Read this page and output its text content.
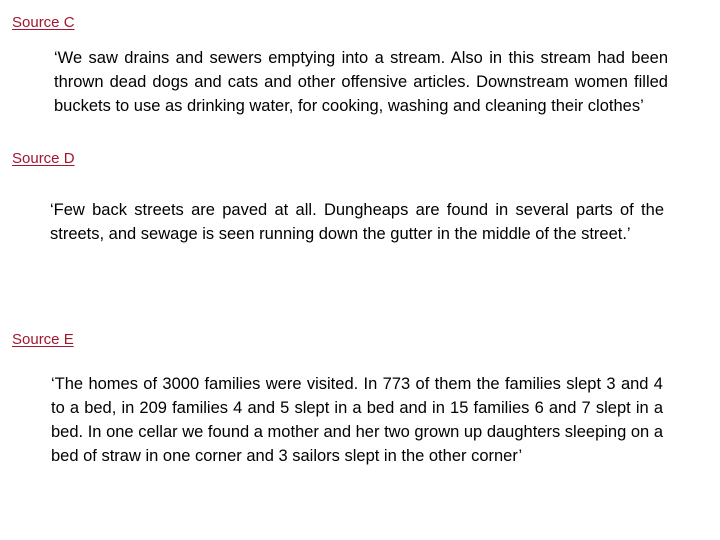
Source C

‘We saw drains and sewers emptying into a stream. Also in this stream had been thrown dead dogs and cats and other offensive articles. Downstream women filled buckets to use as drinking water, for cooking, washing and cleaning their clothes’

Source D

‘Few back streets are paved at all. Dungheaps are found in several parts of the streets, and sewage is seen running down the gutter in the middle of the street.’

Source E

‘The homes of 3000 families were visited. In 773 of them the families slept 3 and 4 to a bed, in 209 families 4 and 5 slept in a bed and in 15 families 6 and 7 slept in a bed. In one cellar we found a mother and her two grown up daughters sleeping on a bed of straw in one corner and 3 sailors slept in the other corner’
